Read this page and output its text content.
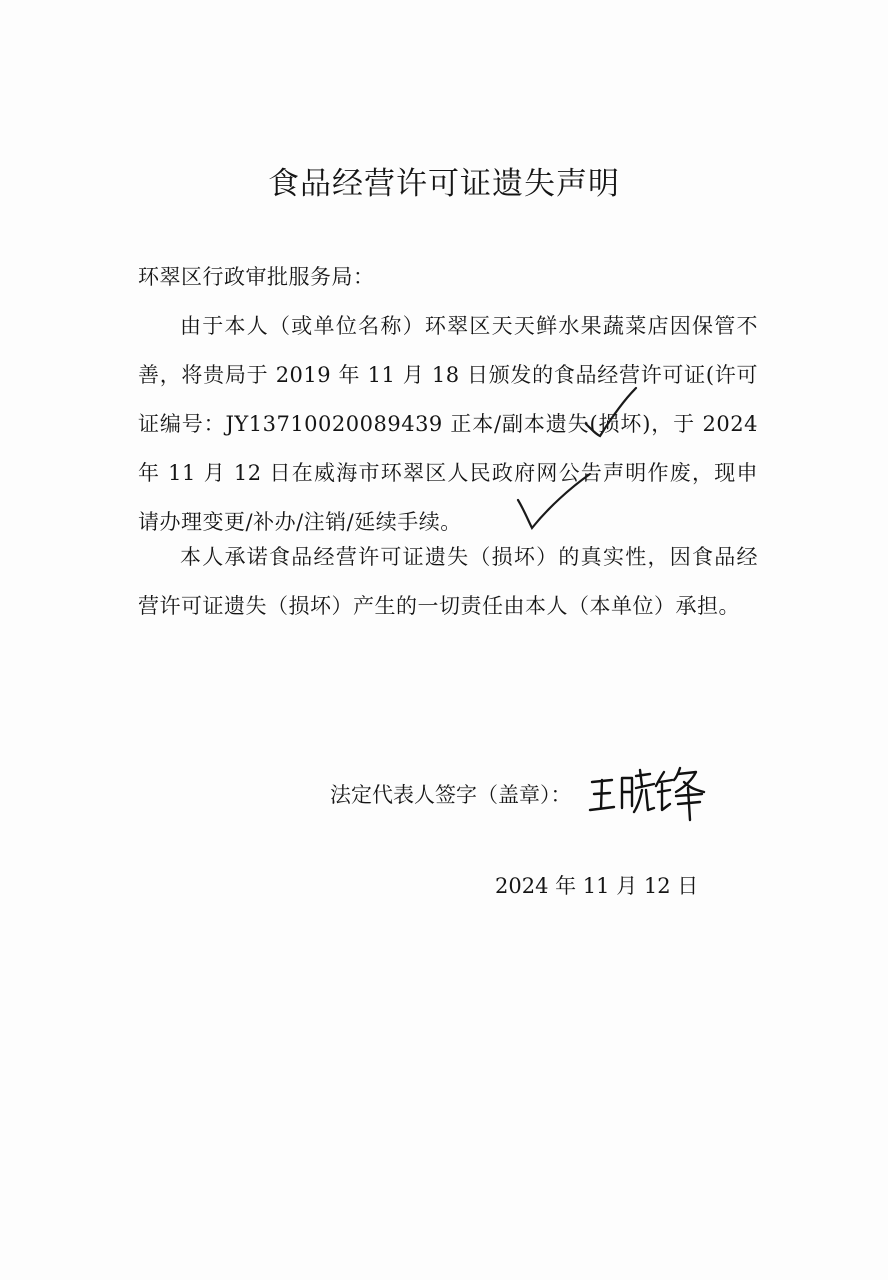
食品经营许可证遗失声明

环翠区行政审批服务局：

由于本人（或单位名称）环翠区天天鲜水果蔬菜店因保管不善，将贵局于 2019 年 11 月 18 日颁发的食品经营许可证(许可证编号：JY13710020089439 正本/副本遗失(损坏)，于 2024 年 11 月 12 日在威海市环翠区人民政府网公告声明作废，现申请办理变更/补办/注销/延续手续。

本人承诺食品经营许可证遗失（损坏）的真实性，因食品经营许可证遗失（损坏）产生的一切责任由本人（本单位）承担。

法定代表人签字（盖章）：
2024 年 11 月 12 日
